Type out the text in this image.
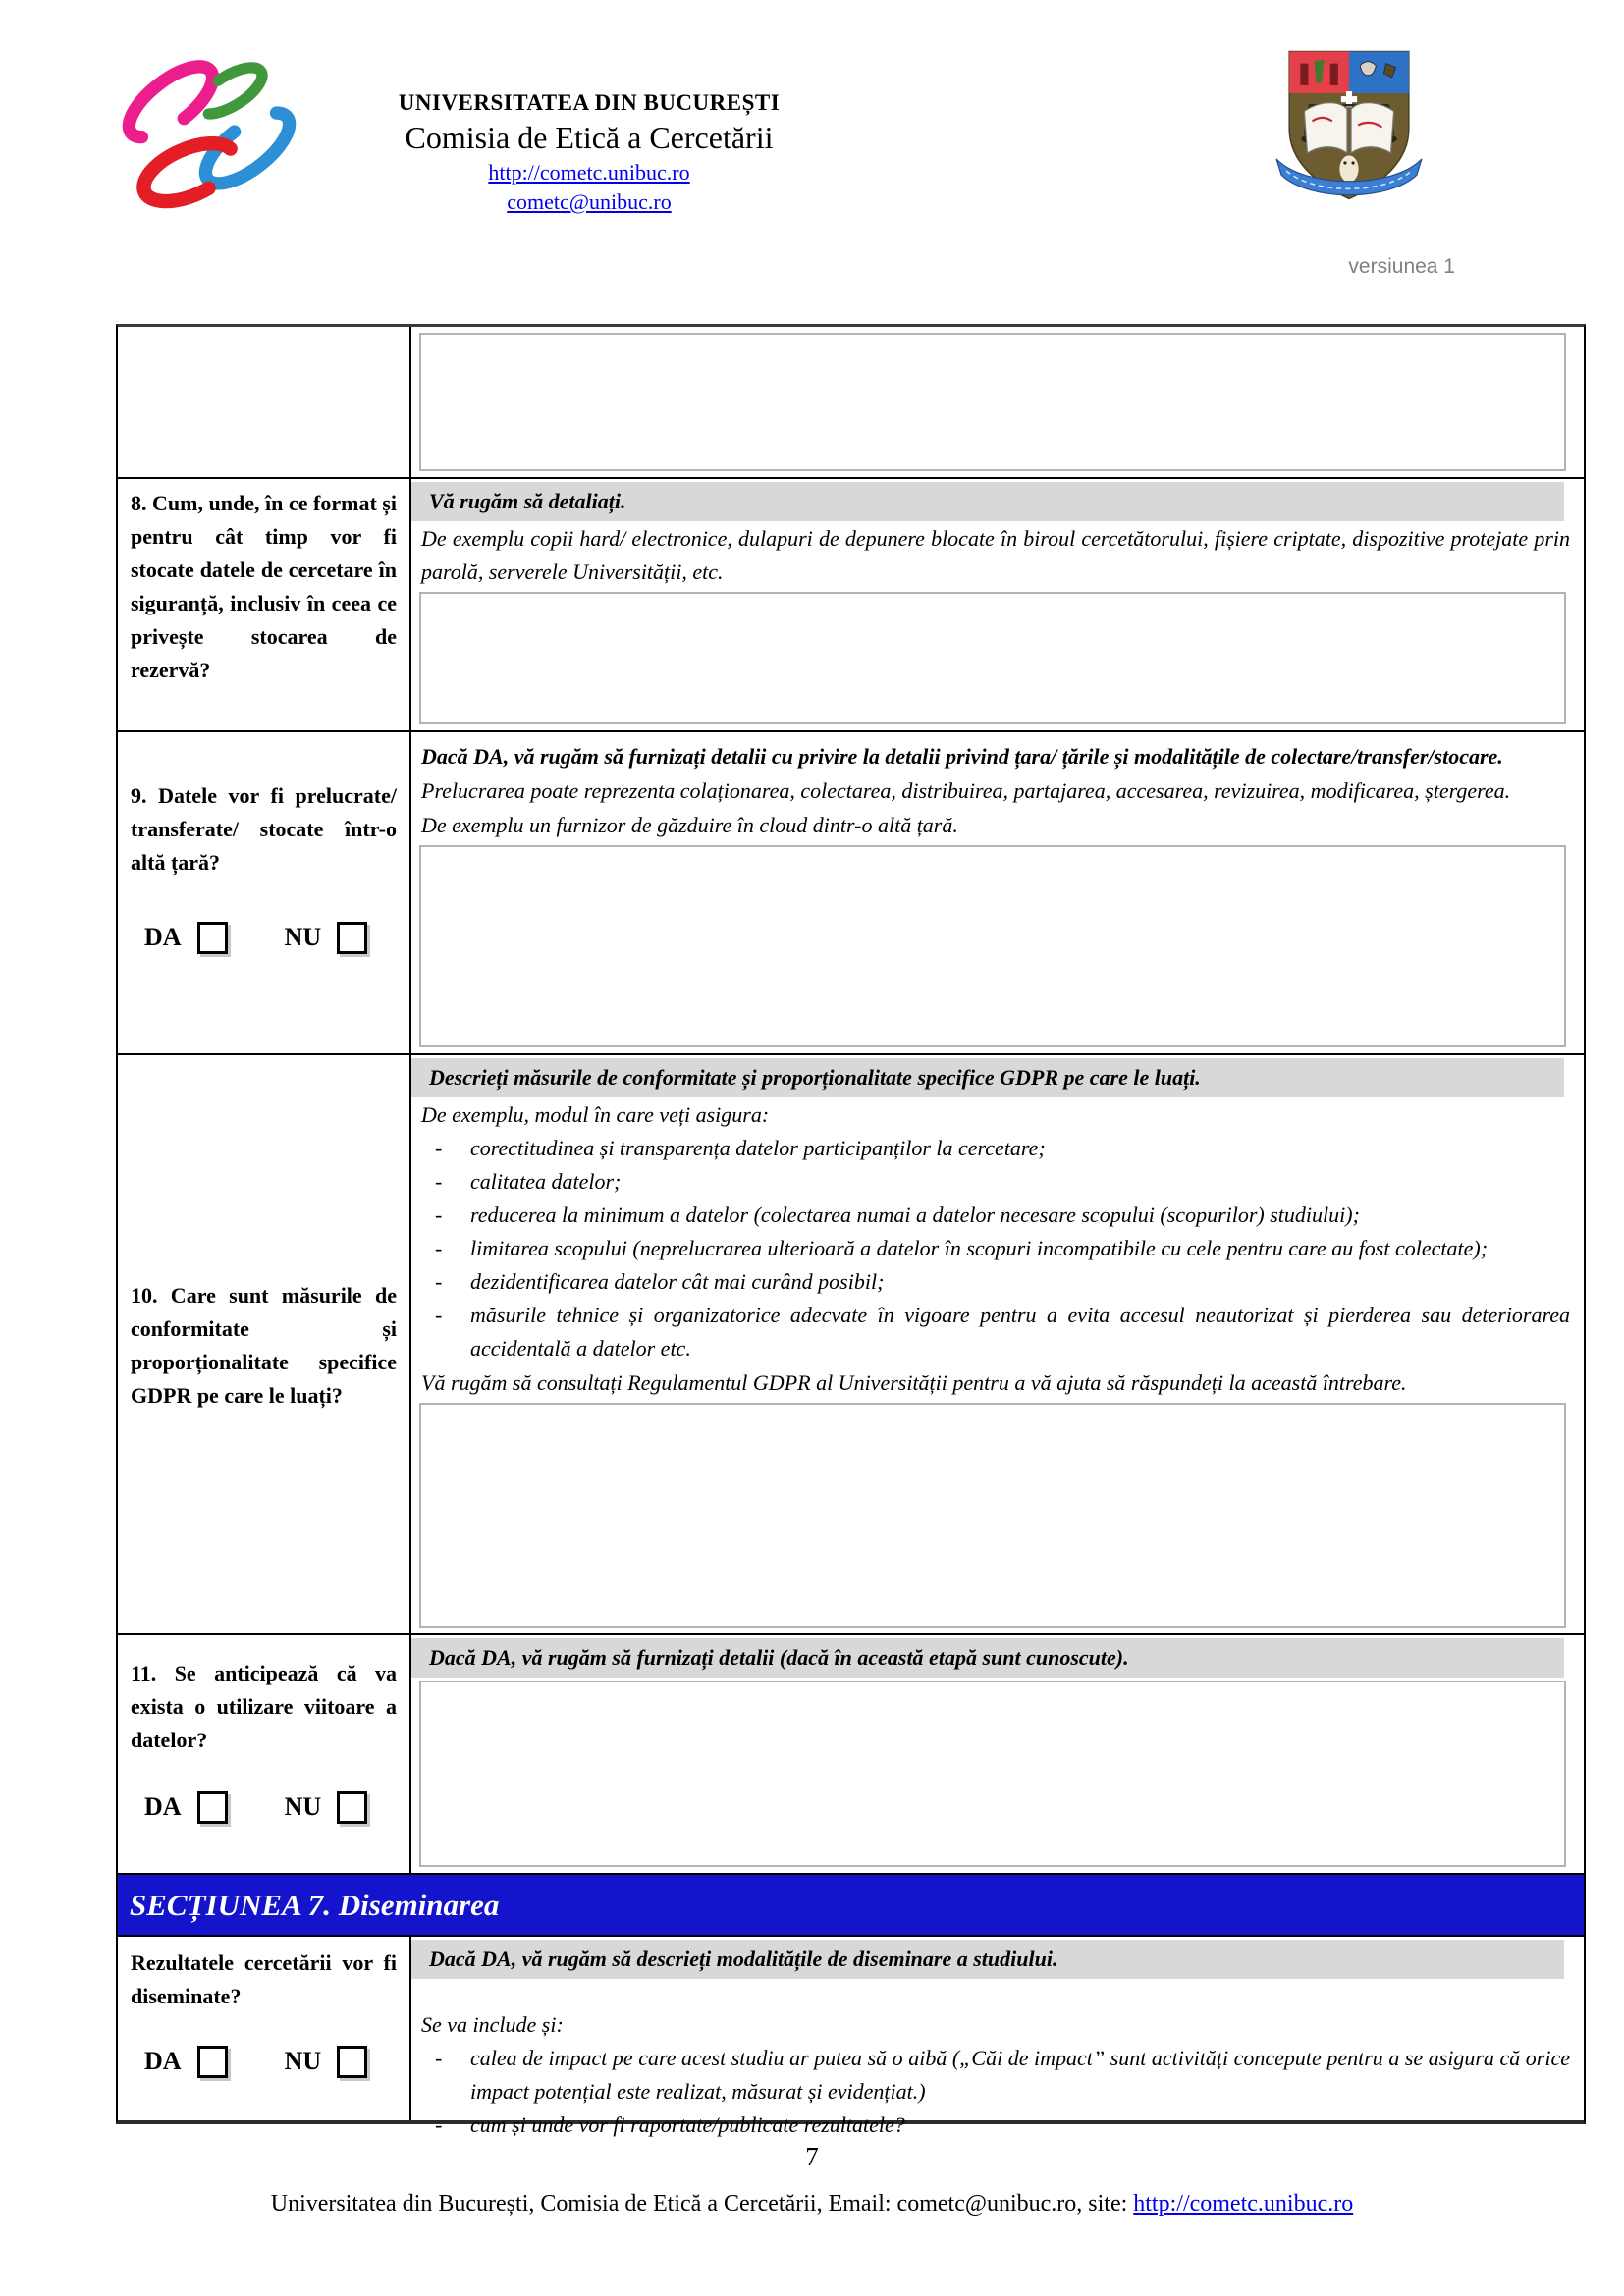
UNIVERSITATEA DIN BUCUREȘTI
Comisia de Etică a Cercetării
http://cometc.unibuc.ro
cometc@unibuc.ro
versiunea 1
8. Cum, unde, în ce format și pentru cât timp vor fi stocate datele de cercetare în siguranță, inclusiv în ceea ce privește stocarea de rezervă?
Vă rugăm să detaliați.
De exemplu copii hard/ electronice, dulapuri de depunere blocate în biroul cercetătorului, fișiere criptate, dispozitive protejate prin parolă, serverele Universității, etc.
9. Datele vor fi prelucrate/ transferate/ stocate într-o altă țară?
DA	NU
Dacă DA, vă rugăm să furnizați detalii cu privire la detalii privind țara/ țările și modalitățile de colectare/transfer/stocare.
Prelucrarea poate reprezenta colaționarea, colectarea, distribuirea, partajarea, accesarea, revizuirea, modificarea, ștergerea.
De exemplu un furnizor de găzduire în cloud dintr-o altă țară.
10. Care sunt măsurile de conformitate și proporționalitate specifice GDPR pe care le luați?
Descrieți măsurile de conformitate și proporționalitate specifice GDPR pe care le luați.
De exemplu, modul în care veți asigura:
-	corectitudinea și transparența datelor participanților la cercetare;
-	calitatea datelor;
-	reducerea la minimum a datelor (colectarea numai a datelor necesare scopului (scopurilor) studiului);
-	limitarea scopului (neprelucrarea ulterioară a datelor în scopuri incompatibile cu cele pentru care au fost colectate);
-	dezidentificarea datelor cât mai curând posibil;
-	măsurile tehnice și organizatorice adecvate în vigoare pentru a evita accesul neautorizat și pierderea sau deteriorarea accidentală a datelor etc.
Vă rugăm să consultați Regulamentul GDPR al Universității pentru a vă ajuta să răspundeți la această întrebare.
11. Se anticipează că va exista o utilizare viitoare a datelor?
DA	NU
Dacă DA, vă rugăm să furnizați detalii (dacă în această etapă sunt cunoscute).
SECȚIUNEA 7. Diseminarea
Rezultatele cercetării vor fi diseminate?
DA	NU
Dacă DA, vă rugăm să descrieți modalitățile de diseminare a studiului.
Se va include și:
-	calea de impact pe care acest studiu ar putea să o aibă („Căi de impact” sunt activități concepute pentru a se asigura că orice impact potențial este realizat, măsurat și evidențiat.)
-	cum și unde vor fi raportate/publicate rezultatele?
7
Universitatea din București, Comisia de Etică a Cercetării, Email: cometc@unibuc.ro, site: http://cometc.unibuc.ro
